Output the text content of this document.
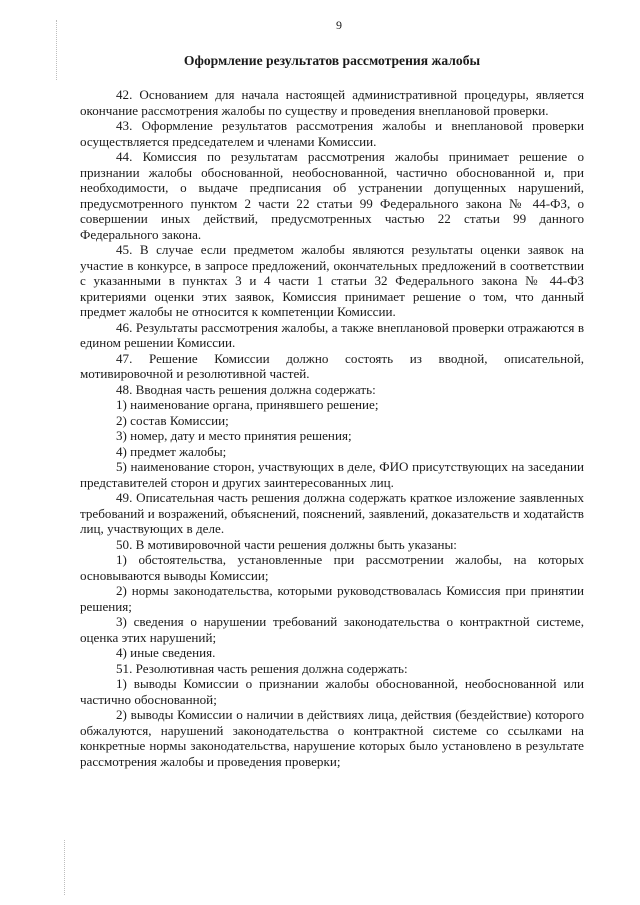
9
Оформление результатов рассмотрения жалобы

42. Основанием для начала настоящей административной процедуры, является окончание рассмотрения жалобы по существу и проведения внеплановой проверки.

43. Оформление результатов рассмотрения жалобы и внеплановой проверки осуществляется председателем и членами Комиссии.

44. Комиссия по результатам рассмотрения жалобы принимает решение о признании жалобы обоснованной, необоснованной, частично обоснованной и, при необходимости, о выдаче предписания об устранении допущенных нарушений, предусмотренного пунктом 2 части 22 статьи 99 Федерального закона № 44-ФЗ, о совершении иных действий, предусмотренных частью 22 статьи 99 данного Федерального закона.

45. В случае если предметом жалобы являются результаты оценки заявок на участие в конкурсе, в запросе предложений, окончательных предложений в соответствии с указанными в пунктах 3 и 4 части 1 статьи 32 Федерального закона № 44-ФЗ критериями оценки этих заявок, Комиссия принимает решение о том, что данный предмет жалобы не относится к компетенции Комиссии.

46. Результаты рассмотрения жалобы, а также внеплановой проверки отражаются в едином решении Комиссии.

47. Решение Комиссии должно состоять из вводной, описательной, мотивировочной и резолютивной частей.

48. Вводная часть решения должна содержать:

1) наименование органа, принявшего решение;

2) состав Комиссии;

3) номер, дату и место принятия решения;

4) предмет жалобы;

5) наименование сторон, участвующих в деле, ФИО присутствующих на заседании представителей сторон и других заинтересованных лиц.

49. Описательная часть решения должна содержать краткое изложение заявленных требований и возражений, объяснений, пояснений, заявлений, доказательств и ходатайств лиц, участвующих в деле.

50. В мотивировочной части решения должны быть указаны:

1) обстоятельства, установленные при рассмотрении жалобы, на которых основываются выводы Комиссии;

2) нормы законодательства, которыми руководствовалась Комиссия при принятии решения;

3) сведения о нарушении требований законодательства о контрактной системе, оценка этих нарушений;

4) иные сведения.

51. Резолютивная часть решения должна содержать:

1) выводы Комиссии о признании жалобы обоснованной, необоснованной или частично обоснованной;

2) выводы Комиссии о наличии в действиях лица, действия (бездействие) которого обжалуются, нарушений законодательства о контрактной системе со ссылками на конкретные нормы законодательства, нарушение которых было установлено в результате рассмотрения жалобы и проведения проверки;
